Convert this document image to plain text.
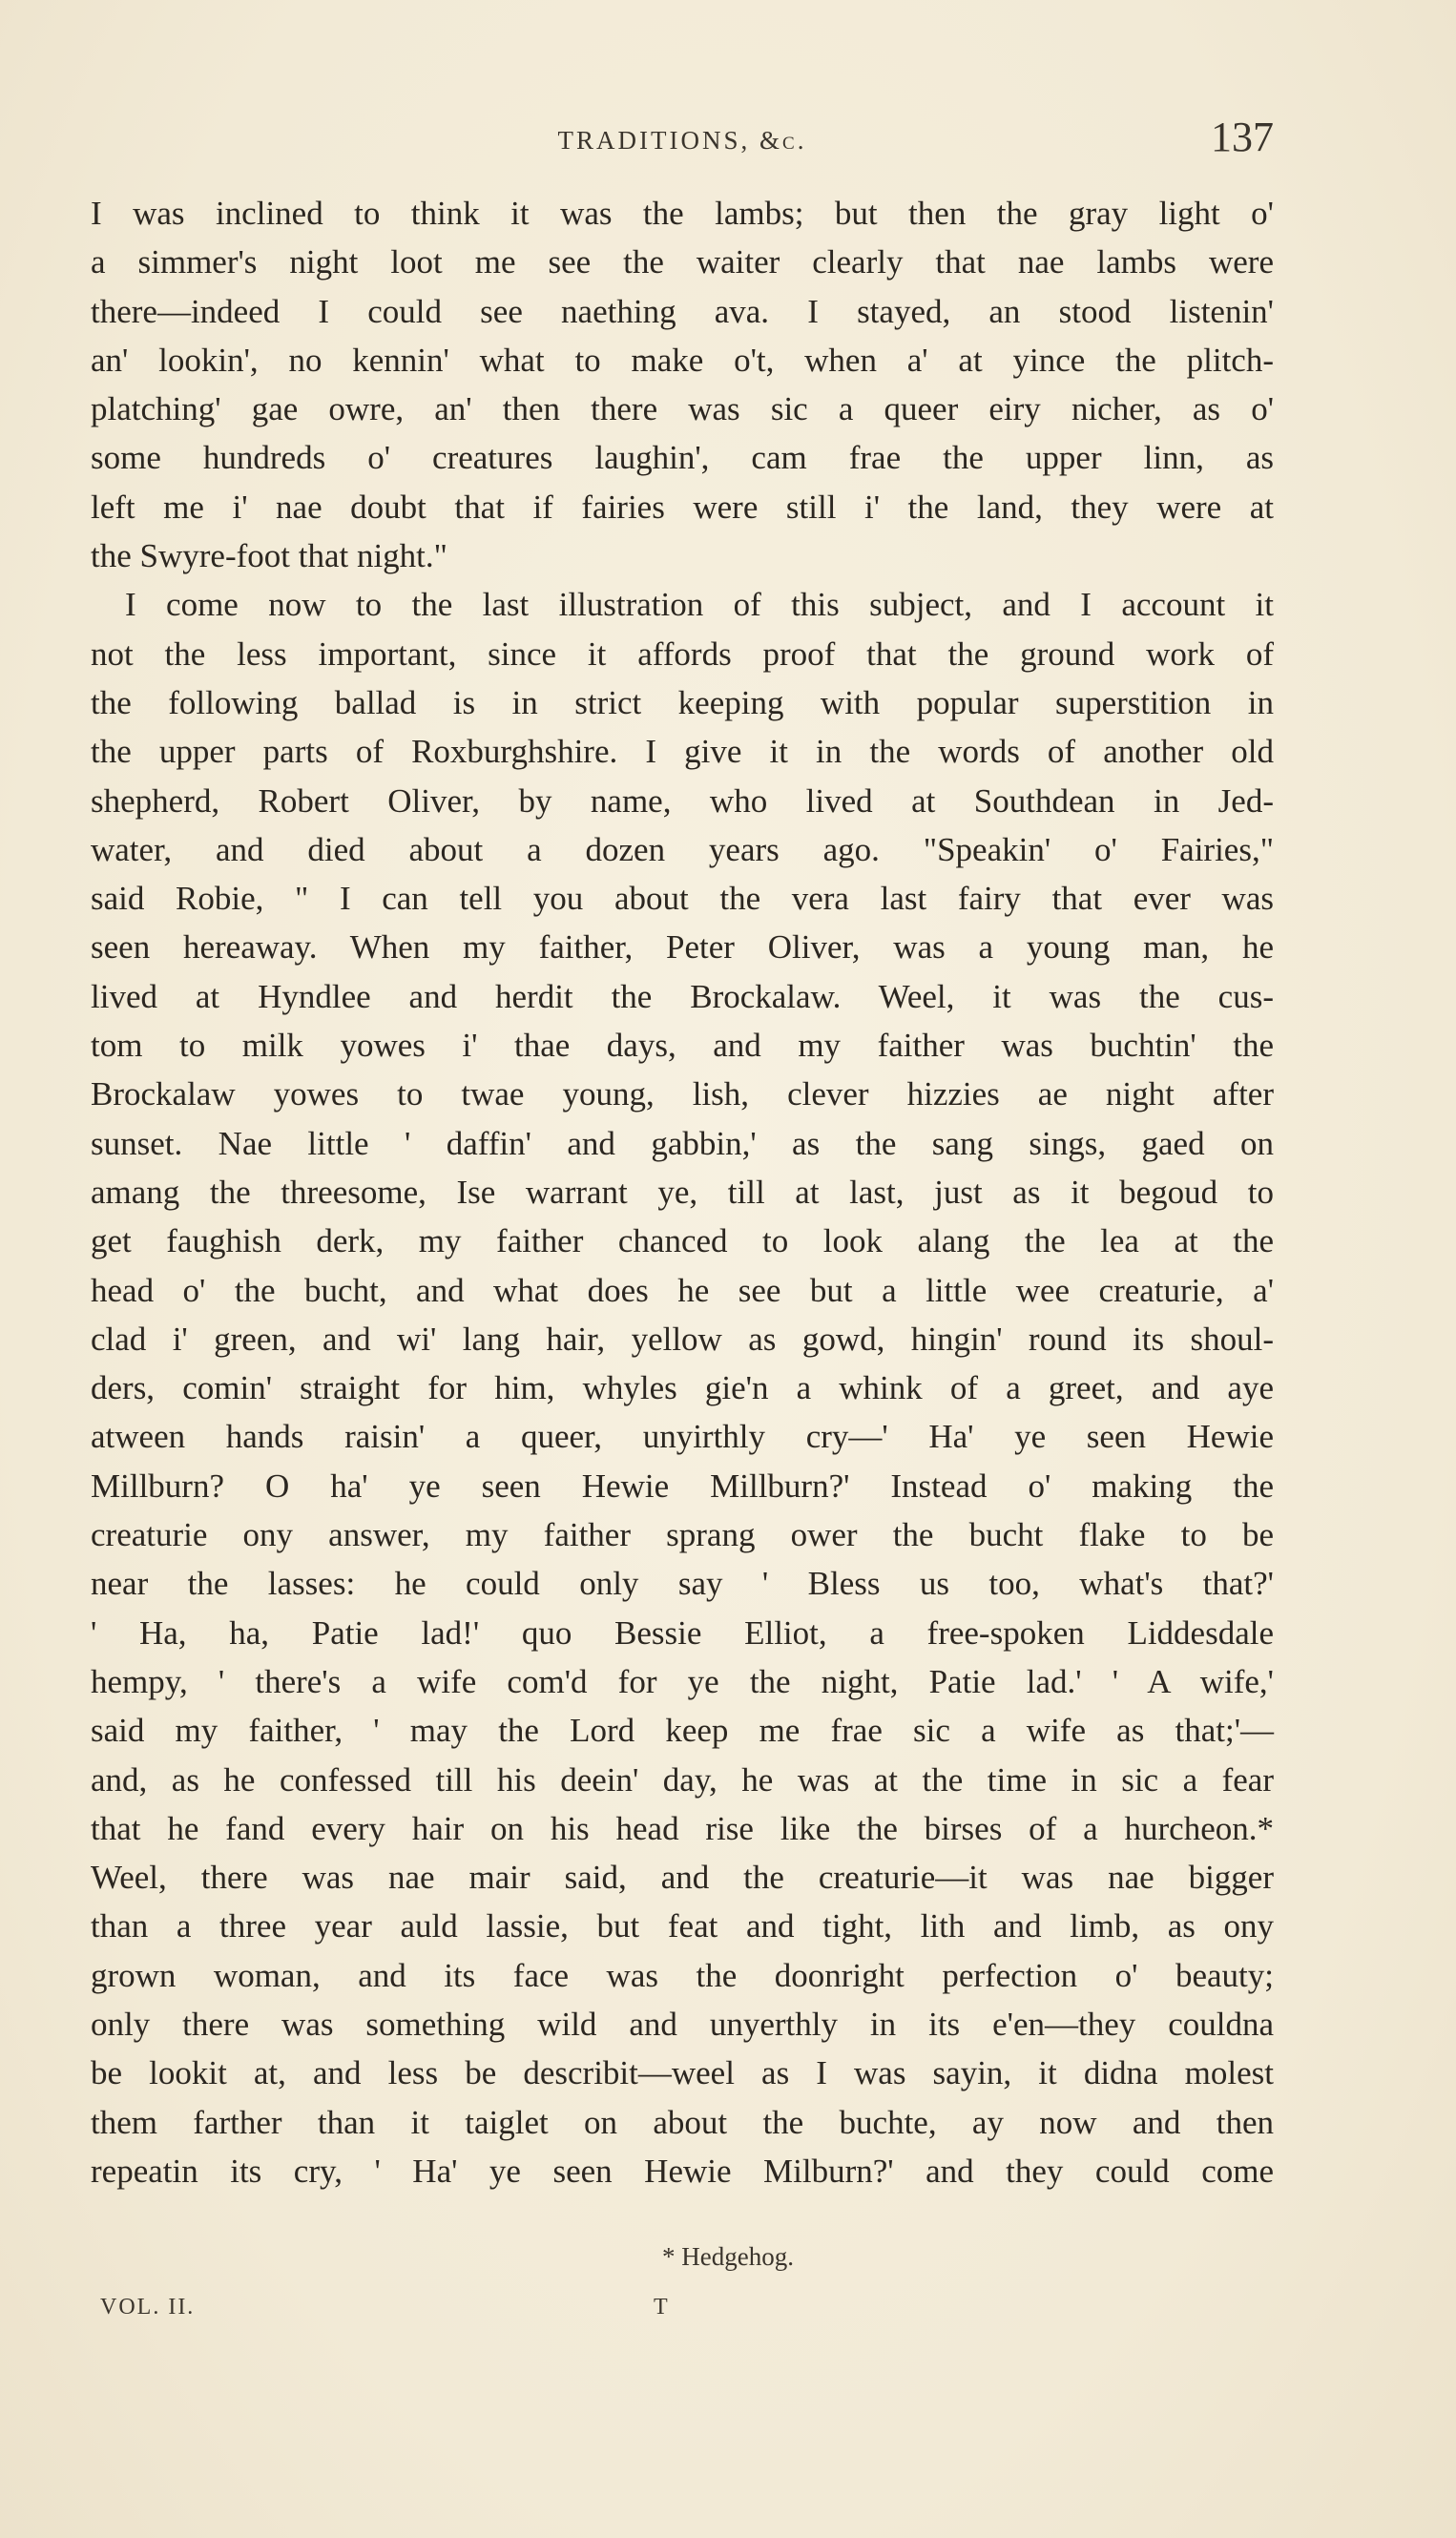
TRADITIONS, &c.	137
I was inclined to think it was the lambs; but then the gray light o'
a simmer's night loot me see the waiter clearly that nae lambs were
there—indeed I could see naething ava. I stayed, an stood listenin'
an' lookin', no kennin' what to make o't, when a' at yince the plitch-
platching' gae owre, an' then there was sic a queer eiry nicher, as o'
some hundreds o' creatures laughin', cam frae the upper linn, as
left me i' nae doubt that if fairies were still i' the land, they were at
the Swyre-foot that night."
I come now to the last illustration of this subject, and I account it
not the less important, since it affords proof that the ground work of
the following ballad is in strict keeping with popular superstition in
the upper parts of Roxburghshire. I give it in the words of another old
shepherd, Robert Oliver, by name, who lived at Southdean in Jed-
water, and died about a dozen years ago. "Speakin' o' Fairies,"
said Robie, " I can tell you about the vera last fairy that ever was
seen hereaway. When my faither, Peter Oliver, was a young man, he
lived at Hyndlee and herdit the Brockalaw. Weel, it was the cus-
tom to milk yowes i' thae days, and my faither was buchtin' the
Brockalaw yowes to twae young, lish, clever hizzies ae night after
sunset. Nae little ' daffin' and gabbin,' as the sang sings, gaed on
amang the threesome, Ise warrant ye, till at last, just as it begoud to
get faughish derk, my faither chanced to look alang the lea at the
head o' the bucht, and what does he see but a little wee creaturie, a'
clad i' green, and wi' lang hair, yellow as gowd, hingin' round its shoul-
ders, comin' straight for him, whyles gie'n a whink of a greet, and aye
atween hands raisin' a queer, unyirthly cry—' Ha' ye seen Hewie
Millburn? O ha' ye seen Hewie Millburn?' Instead o' making the
creaturie ony answer, my faither sprang ower the bucht flake to be
near the lasses: he could only say ' Bless us too, what's that?'
' Ha, ha, Patie lad!' quo Bessie Elliot, a free-spoken Liddesdale
hempy, ' there's a wife com'd for ye the night, Patie lad.' ' A wife,'
said my faither, ' may the Lord keep me frae sic a wife as that;'—
and, as he confessed till his deein' day, he was at the time in sic a fear
that he fand every hair on his head rise like the birses of a hurcheon.*
Weel, there was nae mair said, and the creaturie—it was nae bigger
than a three year auld lassie, but feat and tight, lith and limb, as ony
grown woman, and its face was the doonright perfection o' beauty;
only there was something wild and unyerthly in its e'en—they couldna
be lookit at, and less be describit—weel as I was sayin, it didna molest
them farther than it taiglet on about the buchte, ay now and then
repeatin its cry, ' Ha' ye seen Hewie Milburn?' and they could come
* Hedgehog.
VOL. II.	T
